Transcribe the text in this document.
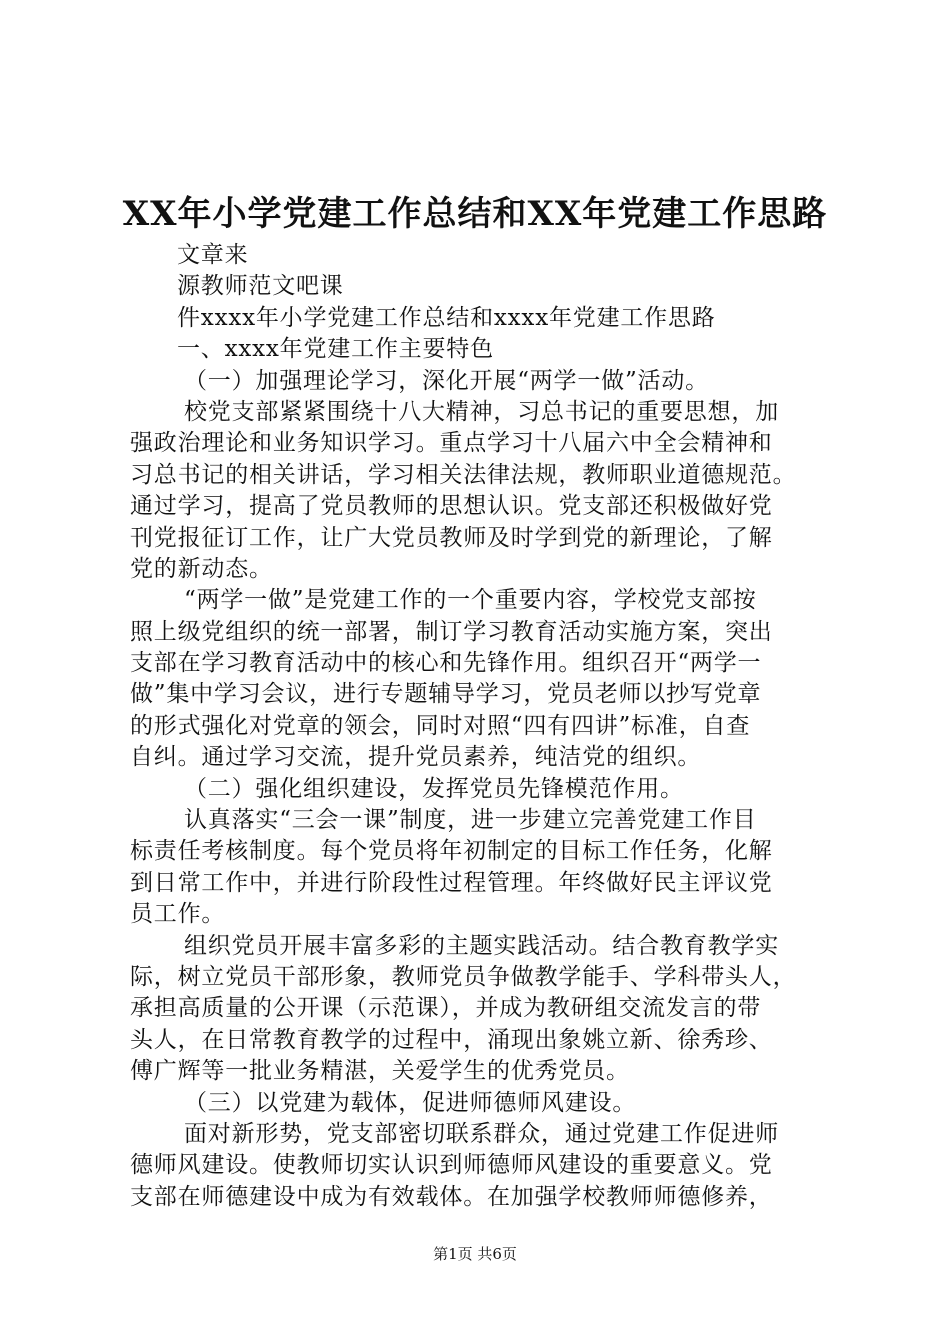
XX年小学党建工作总结和XX年党建工作思路
文章来
源教师范文吧课
件xxxx年小学党建工作总结和xxxx年党建工作思路
一、xxxx年党建工作主要特色
（一）加强理论学习，深化开展“两学一做”活动。
校党支部紧紧围绕十八大精神，习总书记的重要思想，加
强政治理论和业务知识学习。重点学习十八届六中全会精神和
习总书记的相关讲话，学习相关法律法规，教师职业道德规范。
通过学习，提高了党员教师的思想认识。党支部还积极做好党
刊党报征订工作，让广大党员教师及时学到党的新理论，了解
党的新动态。
“两学一做”是党建工作的一个重要内容，学校党支部按
照上级党组织的统一部署，制订学习教育活动实施方案，突出
支部在学习教育活动中的核心和先锋作用。组织召开“两学一
做”集中学习会议，进行专题辅导学习，党员老师以抄写党章
的形式强化对党章的领会，同时对照“四有四讲”标准，自查
自纠。通过学习交流，提升党员素养，纯洁党的组织。
（二）强化组织建设，发挥党员先锋模范作用。
认真落实“三会一课”制度，进一步建立完善党建工作目
标责任考核制度。每个党员将年初制定的目标工作任务，化解
到日常工作中，并进行阶段性过程管理。年终做好民主评议党
员工作。
组织党员开展丰富多彩的主题实践活动。结合教育教学实
际，树立党员干部形象，教师党员争做教学能手、学科带头人，
承担高质量的公开课（示范课），并成为教研组交流发言的带
头人，在日常教育教学的过程中，涌现出象姚立新、徐秀珍、
傅广辉等一批业务精湛，关爱学生的优秀党员。
（三）以党建为载体，促进师德师风建设。
面对新形势，党支部密切联系群众，通过党建工作促进师
德师风建设。使教师切实认识到师德师风建设的重要意义。党
支部在师德建设中成为有效载体。在加强学校教师师德修养，
第1页 共6页
